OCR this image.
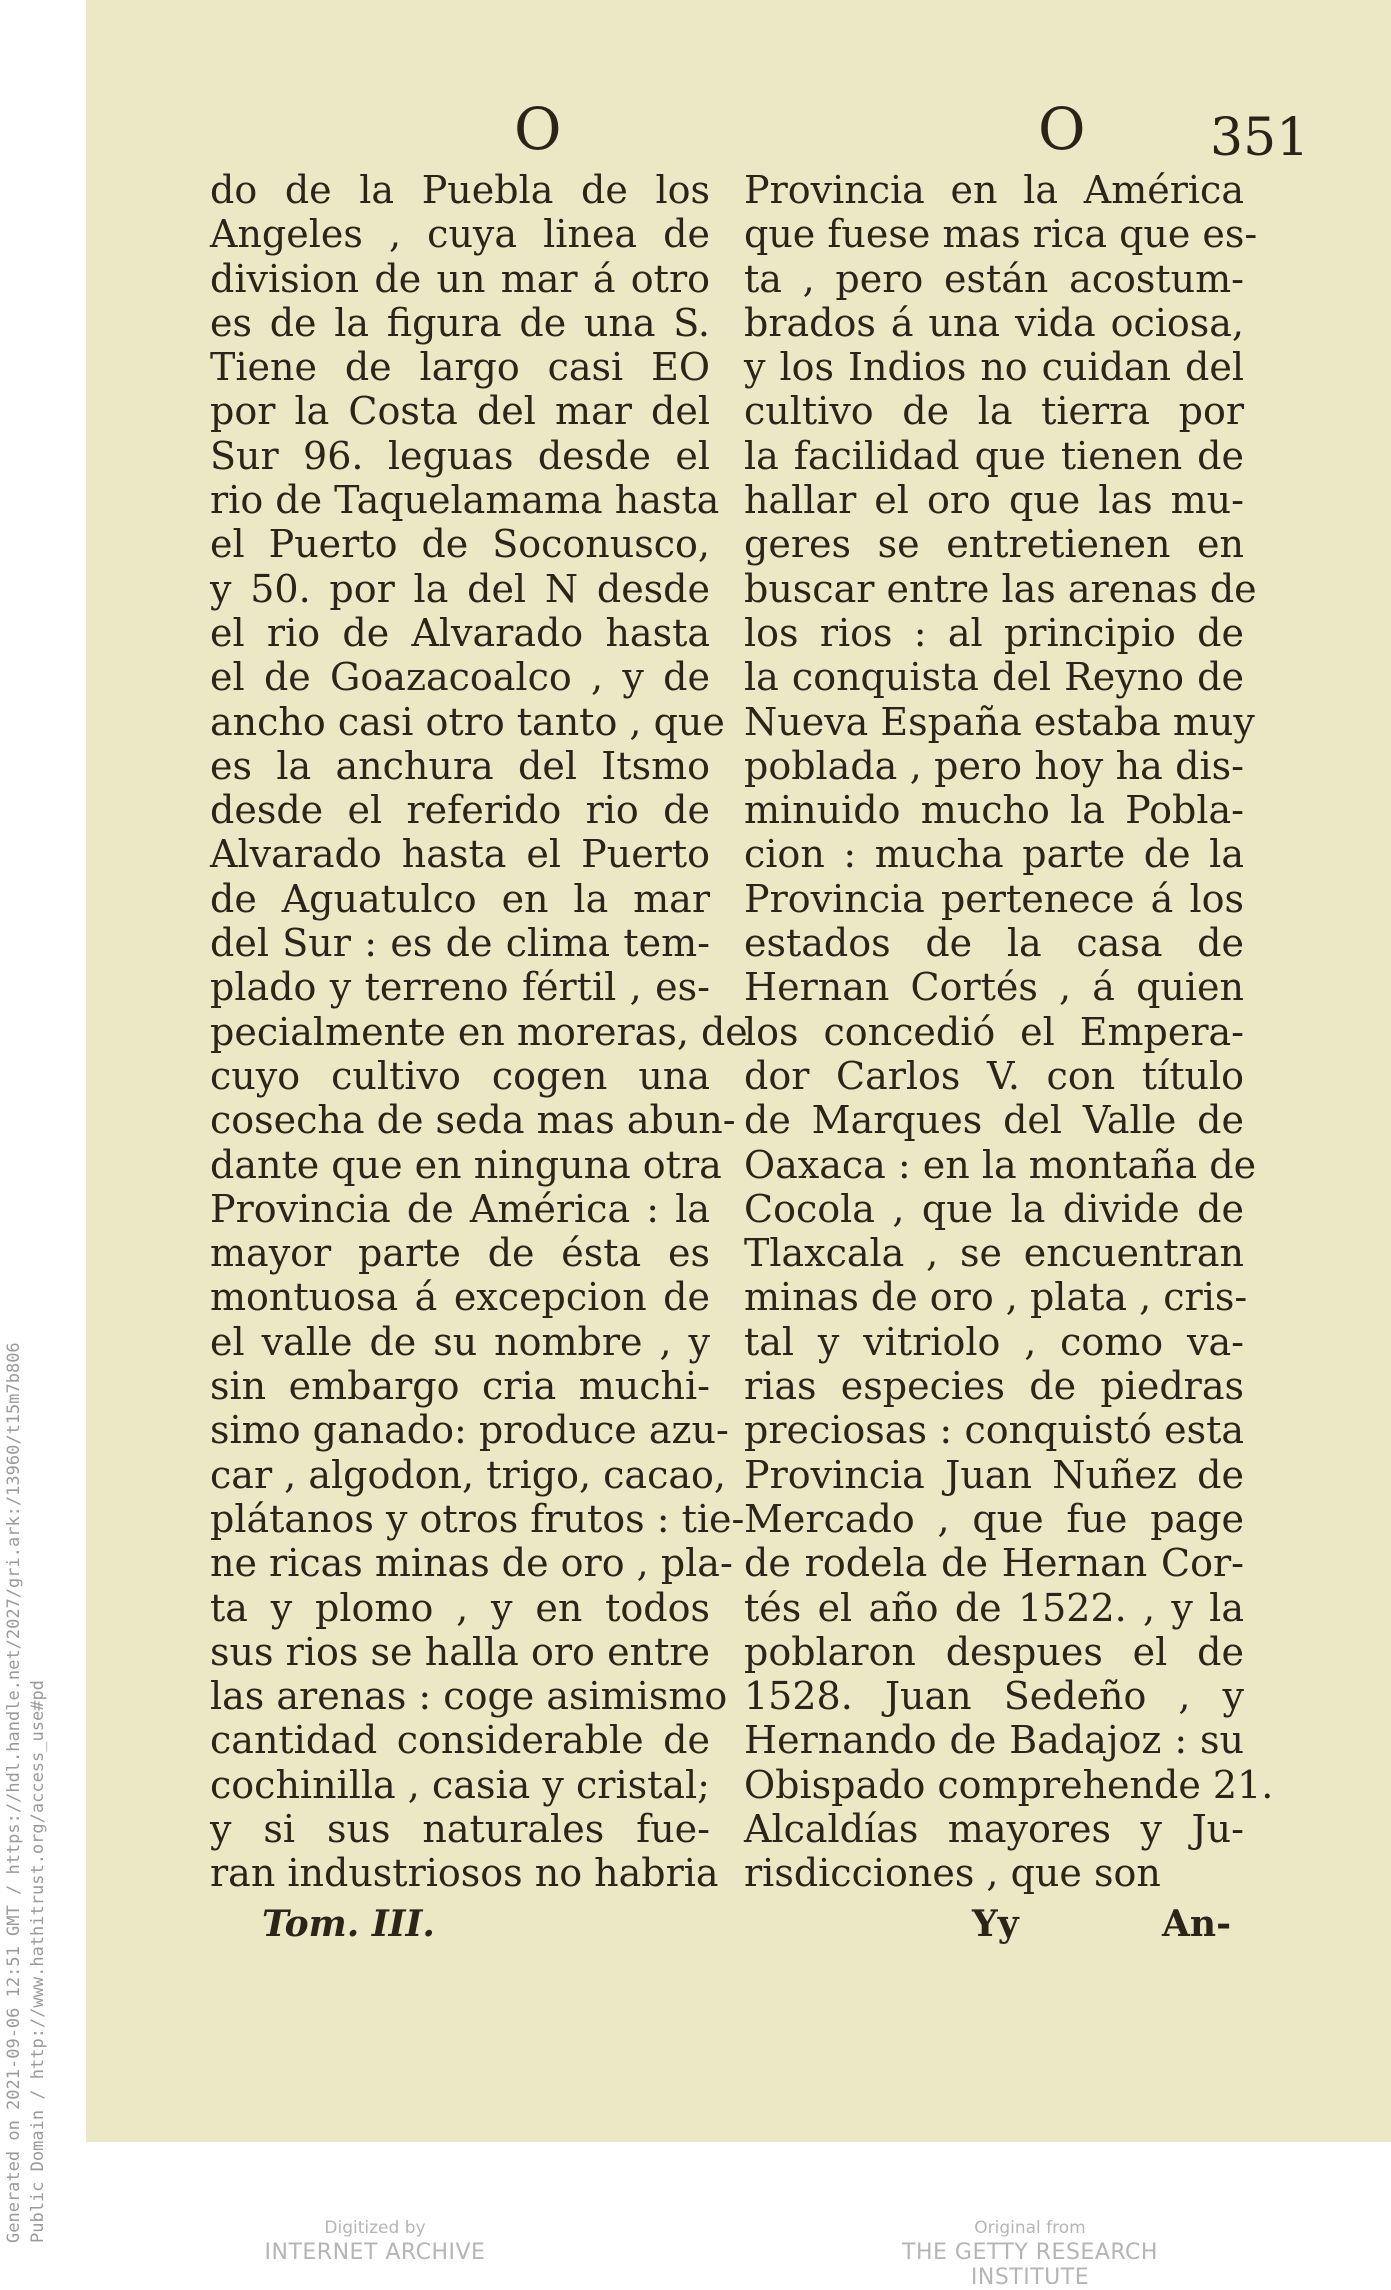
O	O 351
do de la Puebla de los
Angeles , cuya linea de
division de un mar á otro
es de la figura de una S.
Tiene de largo casi EO
por la Costa del mar del
Sur 96. leguas desde el
rio de Taquelamama hasta
el Puerto de Soconusco,
y 50. por la del N desde
el rio de Alvarado hasta
el de Goazacoalco , y de
ancho casi otro tanto , que
es la anchura del Itsmo
desde el referido rio de
Alvarado hasta el Puerto
de Aguatulco en la mar
del Sur : es de clima tem-
plado y terreno fértil , es-
pecialmente en moreras, de
cuyo cultivo cogen una
cosecha de seda mas abun-
dante que en ninguna otra
Provincia de América : la
mayor parte de ésta es
montuosa á excepcion de
el valle de su nombre , y
sin embargo cria muchi-
simo ganado: produce azu-
car , algodon, trigo, cacao,
plátanos y otros frutos : tie-
ne ricas minas de oro , pla-
ta y plomo , y en todos
sus rios se halla oro entre
las arenas : coge asimismo
cantidad considerable de
cochinilla , casia y cristal;
y si sus naturales fue-
ran industriosos no habria
Provincia en la América
que fuese mas rica que es-
ta , pero están acostum-
brados á una vida ociosa,
y los Indios no cuidan del
cultivo de la tierra por
la facilidad que tienen de
hallar el oro que las mu-
geres se entretienen en
buscar entre las arenas de
los rios : al principio de
la conquista del Reyno de
Nueva España estaba muy
poblada , pero hoy ha dis-
minuido mucho la Pobla-
cion : mucha parte de la
Provincia pertenece á los
estados de la casa de
Hernan Cortés , á quien
los concedió el Empera-
dor Carlos V. con título
de Marques del Valle de
Oaxaca : en la montaña de
Cocola , que la divide de
Tlaxcala , se encuentran
minas de oro , plata , cris-
tal y vitriolo , como va-
rias especies de piedras
preciosas : conquistó esta
Provincia Juan Nuñez de
Mercado , que fue page
de rodela de Hernan Cor-
tés el año de 1522. , y la
poblaron despues el de
1528. Juan Sedeño , y
Hernando de Badajoz : su
Obispado comprehende 21.
Alcaldías mayores y Ju-
risdicciones , que son
Tom. III.	Yy	An-
Generated on 2021-09-06 12:51 GMT / https://hdl.handle.net/2027/gri.ark:/13960/t15m7b806 Public Domain / http://www.hathitrust.org/access_use#pd	Digitized by
INTERNET ARCHIVE
Original from
THE GETTY RESEARCH INSTITUTE
